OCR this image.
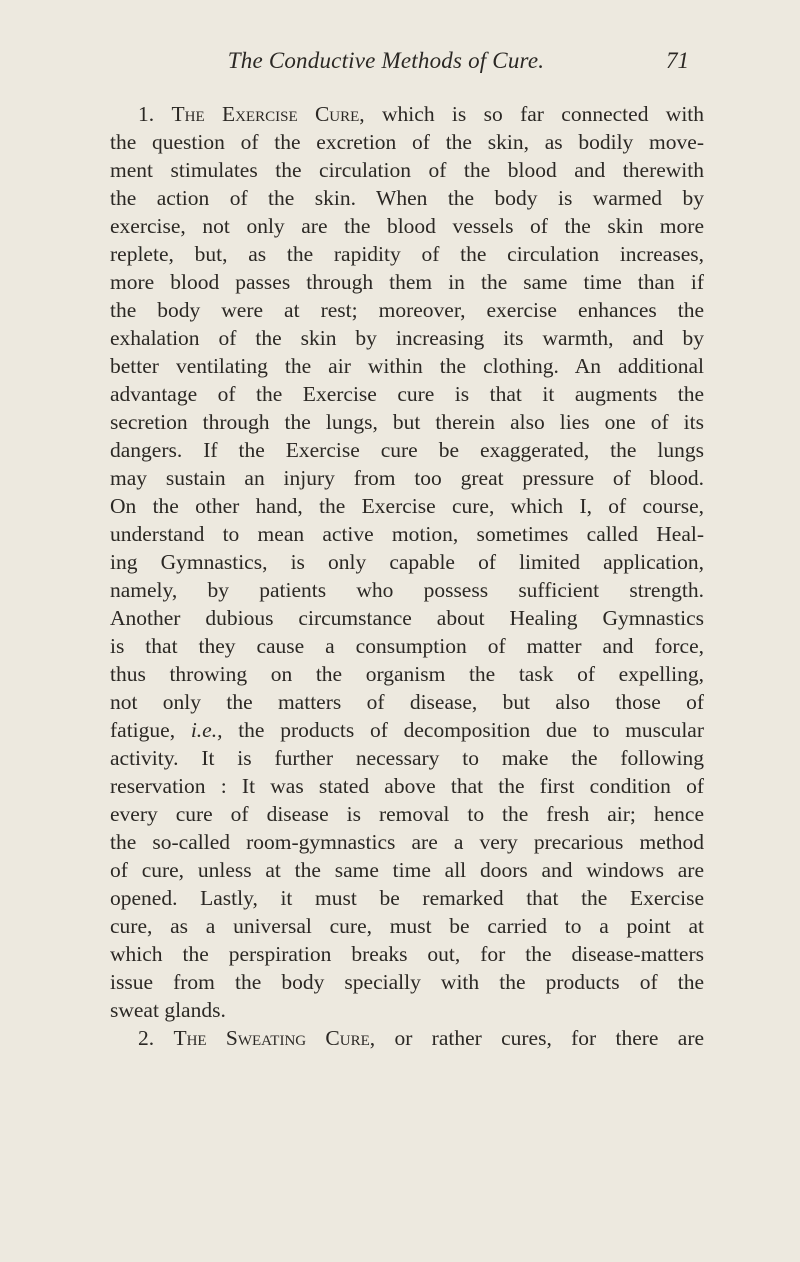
The Conductive Methods of Cure.	71
1. The Exercise Cure, which is so far connected with
the question of the excretion of the skin, as bodily move-
ment stimulates the circulation of the blood and therewith
the action of the skin. When the body is warmed by
exercise, not only are the blood vessels of the skin more
replete, but, as the rapidity of the circulation increases,
more blood passes through them in the same time than if
the body were at rest; moreover, exercise enhances the
exhalation of the skin by increasing its warmth, and by
better ventilating the air within the clothing. An additional
advantage of the Exercise cure is that it augments the
secretion through the lungs, but therein also lies one of its
dangers. If the Exercise cure be exaggerated, the lungs
may sustain an injury from too great pressure of blood.
On the other hand, the Exercise cure, which I, of course,
understand to mean active motion, sometimes called Heal-
ing Gymnastics, is only capable of limited application,
namely, by patients who possess sufficient strength.
Another dubious circumstance about Healing Gymnastics
is that they cause a consumption of matter and force,
thus throwing on the organism the task of expelling,
not only the matters of disease, but also those of
fatigue, i.e., the products of decomposition due to muscular
activity. It is further necessary to make the following
reservation : It was stated above that the first condition of
every cure of disease is removal to the fresh air; hence
the so-called room-gymnastics are a very precarious method
of cure, unless at the same time all doors and windows are
opened. Lastly, it must be remarked that the Exercise
cure, as a universal cure, must be carried to a point at
which the perspiration breaks out, for the disease-matters
issue from the body specially with the products of the
sweat glands.
2. The Sweating Cure, or rather cures, for there are
